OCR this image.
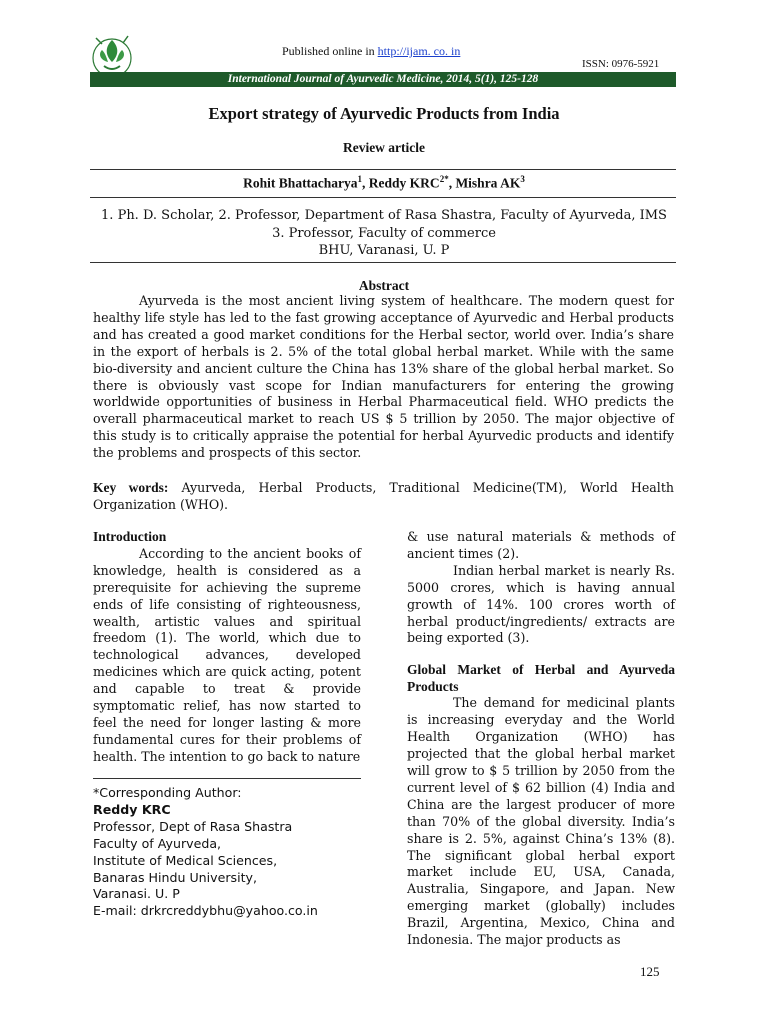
Published online in http://ijam. co. in
ISSN: 0976-5921
International Journal of Ayurvedic Medicine, 2014, 5(1), 125-128
Export strategy of Ayurvedic Products from India
Review article
Rohit Bhattacharya$^1$, Reddy $KRC^{2*}$, Mishra $AK^3$
1. Ph. D. Scholar, 2. Professor, Department of Rasa Shastra, Faculty of Ayurveda, IMS
3. Professor, Faculty of commerce
BHU, Varanasi, U. P
Abstract
Ayurveda is the most ancient living system of healthcare. The modern quest for healthy life style has led to the fast growing acceptance of Ayurvedic and Herbal products and has created a good market conditions for the Herbal sector, world over. India’s share in the export of herbals is 2. 5% of the total global herbal market. While with the same bio-diversity and ancient culture the China has 13% share of the global herbal market. So there is obviously vast scope for Indian manufacturers for entering the growing worldwide opportunities of business in Herbal Pharmaceutical field. WHO predicts the overall pharmaceutical market to reach US $ 5 trillion by 2050. The major objective of this study is to critically appraise the potential for herbal Ayurvedic products and identify the problems and prospects of this sector.
Key words: Ayurveda, Herbal Products, Traditional Medicine(TM), World Health Organization (WHO).

Introduction

According to the ancient books of knowledge, health is considered as a prerequisite for achieving the supreme ends of life consisting of righteousness, wealth, artistic values and spiritual freedom (1). The world, which due to technological advances, developed medicines which are quick acting, potent and capable to treat & provide symptomatic relief, has now started to feel the need for longer lasting & more fundamental cures for their problems of health. The intention to go back to nature

*Corresponding Author:

Reddy KRC

Professor, Dept of Rasa Shastra

Faculty of Ayurveda,

Institute of Medical Sciences,

Banaras Hindu University,

Varanasi. U. P

E-mail: drkrcreddybhu@yahoo.co.in

& use natural materials & methods of ancient times (2).

Indian herbal market is nearly Rs. 5000 crores, which is having annual growth of 14%. 100 crores worth of herbal product/ingredients/ extracts are being exported (3).

Global Market of Herbal and Ayurveda Products

The demand for medicinal plants is increasing everyday and the World Health Organization (WHO) has projected that the global herbal market will grow to $ 5 trillion by 2050 from the current level of $ 62 billion (4) India and China are the largest producer of more than 70% of the global diversity. India’s share is 2. 5%, against China’s 13% (8). The significant global herbal export market include EU, USA, Canada, Australia, Singapore, and Japan. New emerging market (globally) includes Brazil, Argentina, Mexico, China and Indonesia. The major products as

125
